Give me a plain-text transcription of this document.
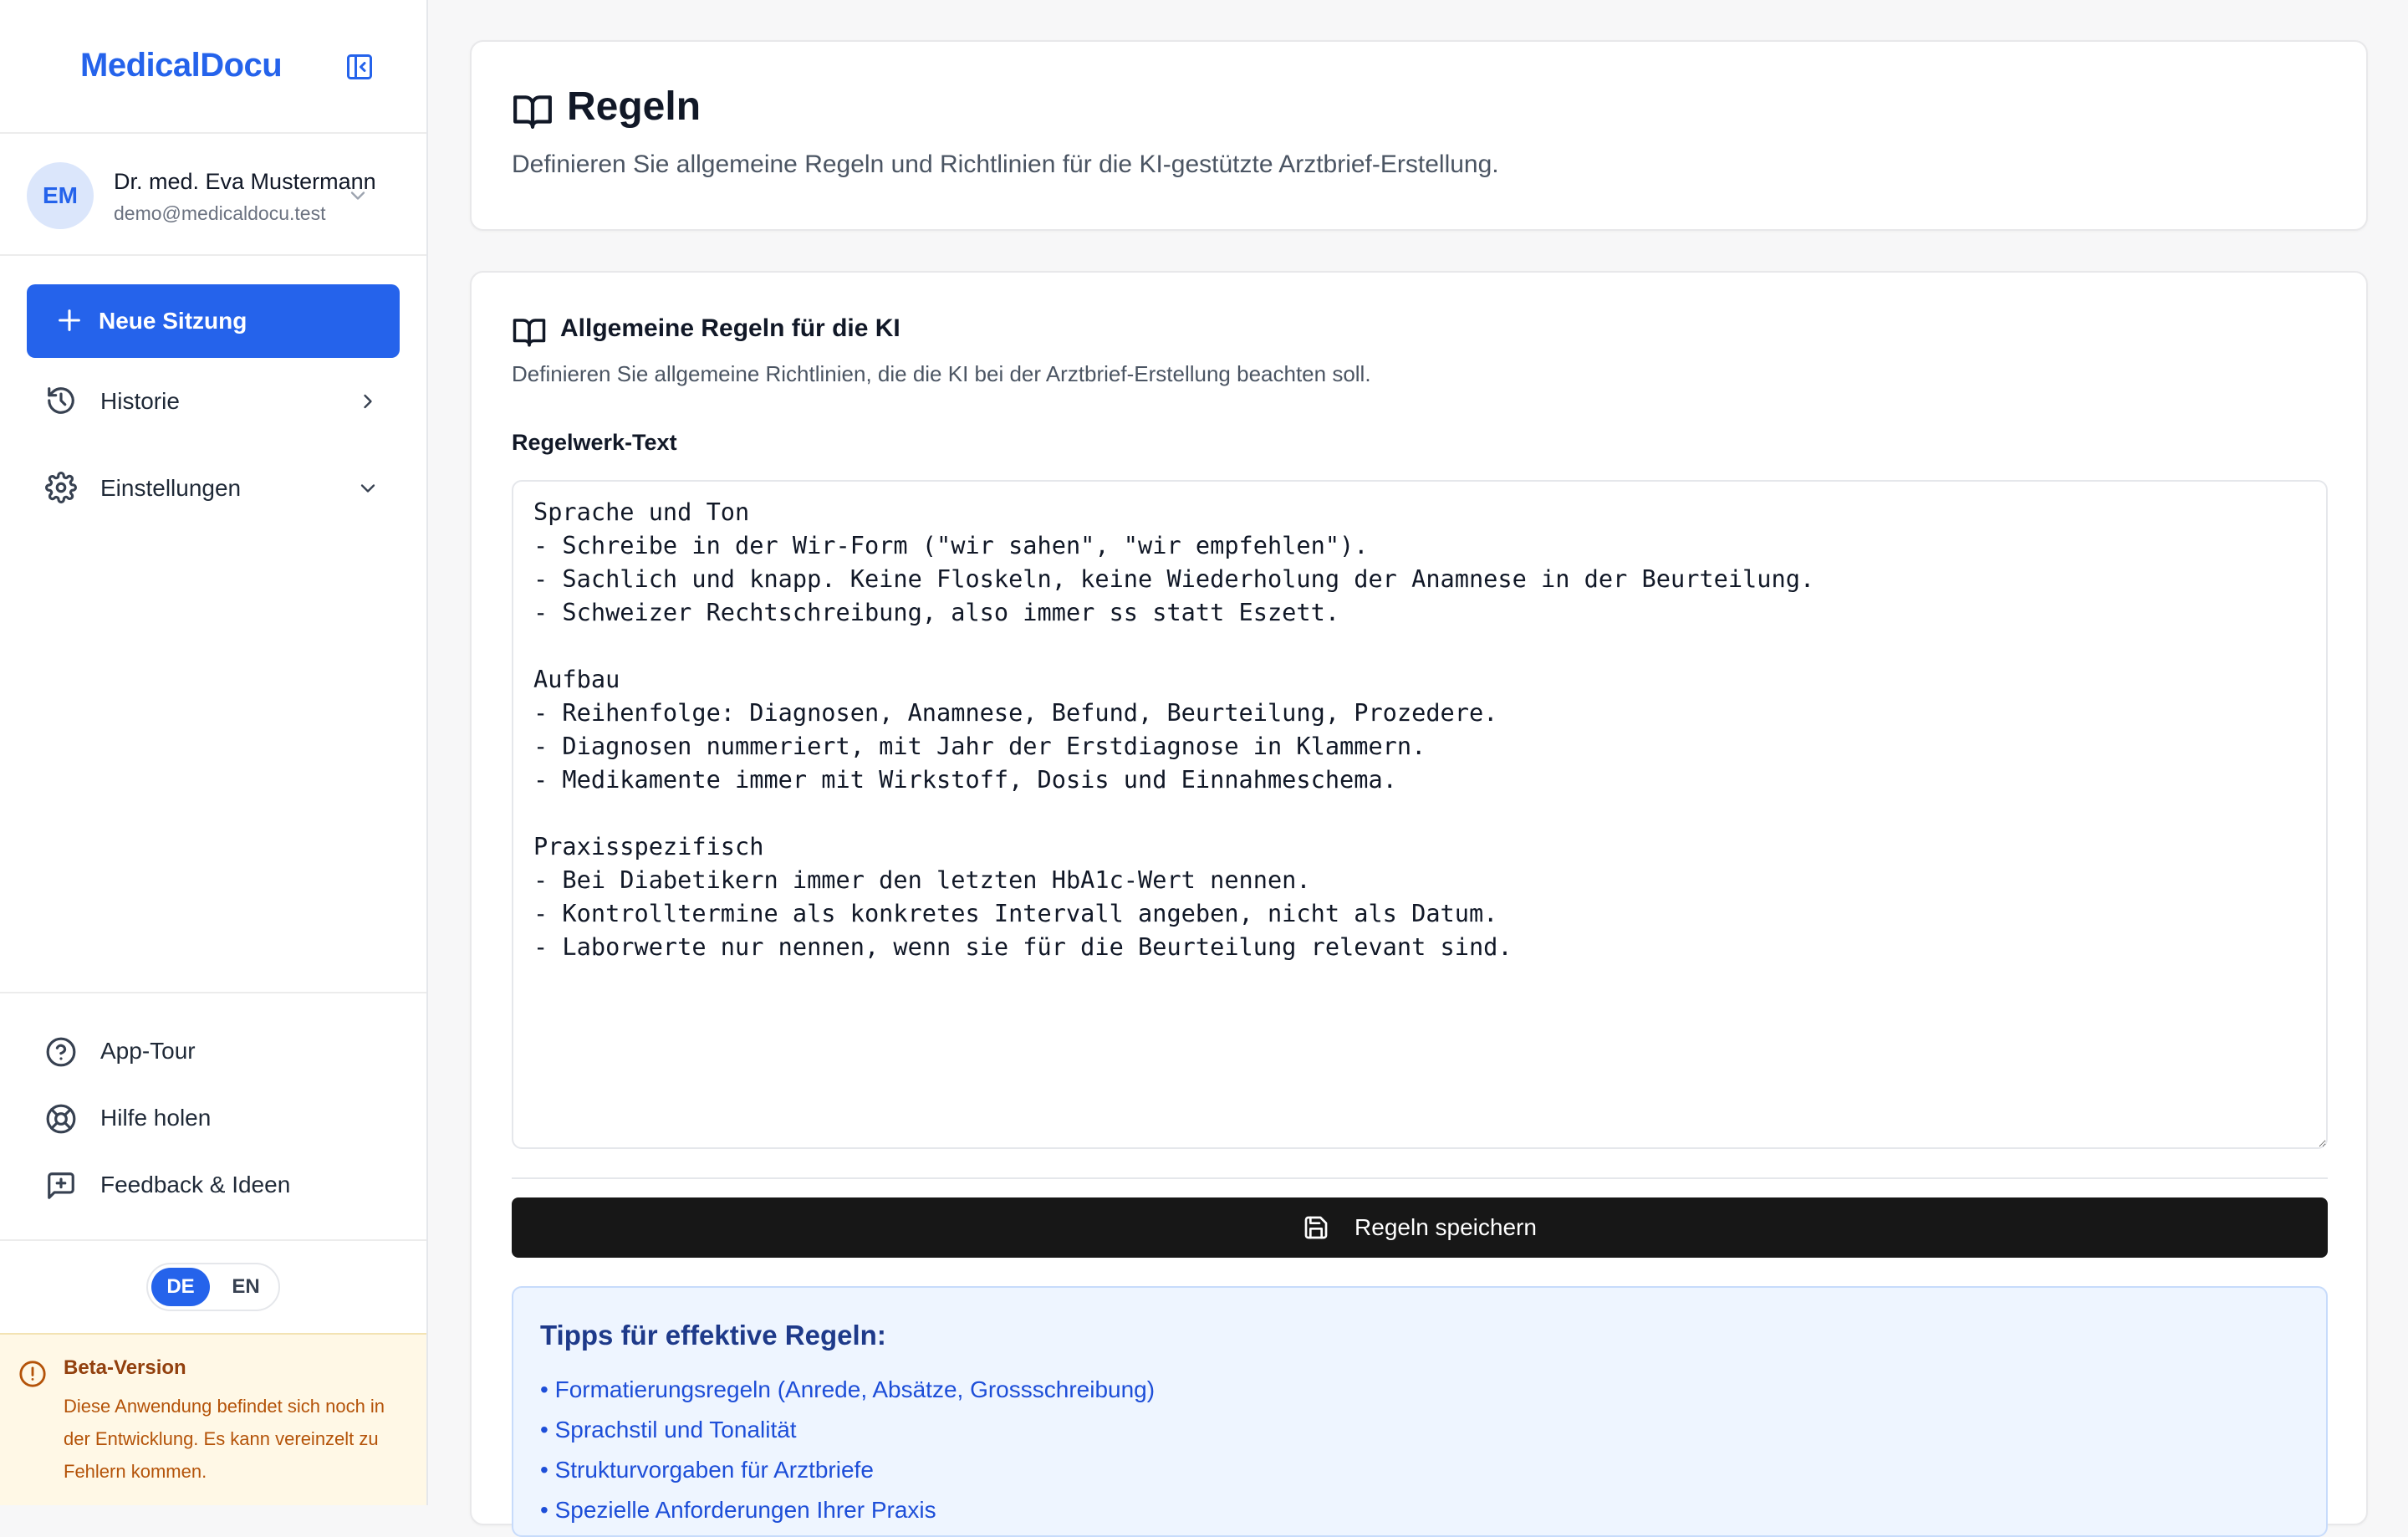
MedicalDocu
EM
Dr. med. Eva Mustermann
demo@medicaldocu.test
Neue Sitzung
Historie
Einstellungen
App-Tour
Hilfe holen
Feedback & Ideen
DE	EN
Beta-Version
Diese Anwendung befindet sich noch in der Entwicklung. Es kann vereinzelt zu Fehlern kommen.
Regeln

Definieren Sie allgemeine Regeln und Richtlinien für die KI-gestützte Arztbrief-Erstellung.

Allgemeine Regeln für die KI

Definieren Sie allgemeine Richtlinien, die die KI bei der Arztbrief-Erstellung beachten soll.

Regelwerk-Text
Sprache und Ton - Schreibe in der Wir-Form ("wir sahen", "wir empfehlen"). - Sachlich und knapp. Keine Floskeln, keine Wiederholung der Anamnese in der Beurteilung. - Schweizer Rechtschreibung, also immer ss statt Eszett. Aufbau - Reihenfolge: Diagnosen, Anamnese, Befund, Beurteilung, Prozedere. - Diagnosen nummeriert, mit Jahr der Erstdiagnose in Klammern. - Medikamente immer mit Wirkstoff, Dosis und Einnahmeschema. Praxisspezifisch - Bei Diabetikern immer den letzten HbA1c-Wert nennen. - Kontrolltermine als konkretes Intervall angeben, nicht als Datum. - Laborwerte nur nennen, wenn sie für die Beurteilung relevant sind.
Regeln speichern
Tipps für effektive Regeln:
• Formatierungsregeln (Anrede, Absätze, Grossschreibung)
• Sprachstil und Tonalität
• Strukturvorgaben für Arztbriefe
• Spezielle Anforderungen Ihrer Praxis
